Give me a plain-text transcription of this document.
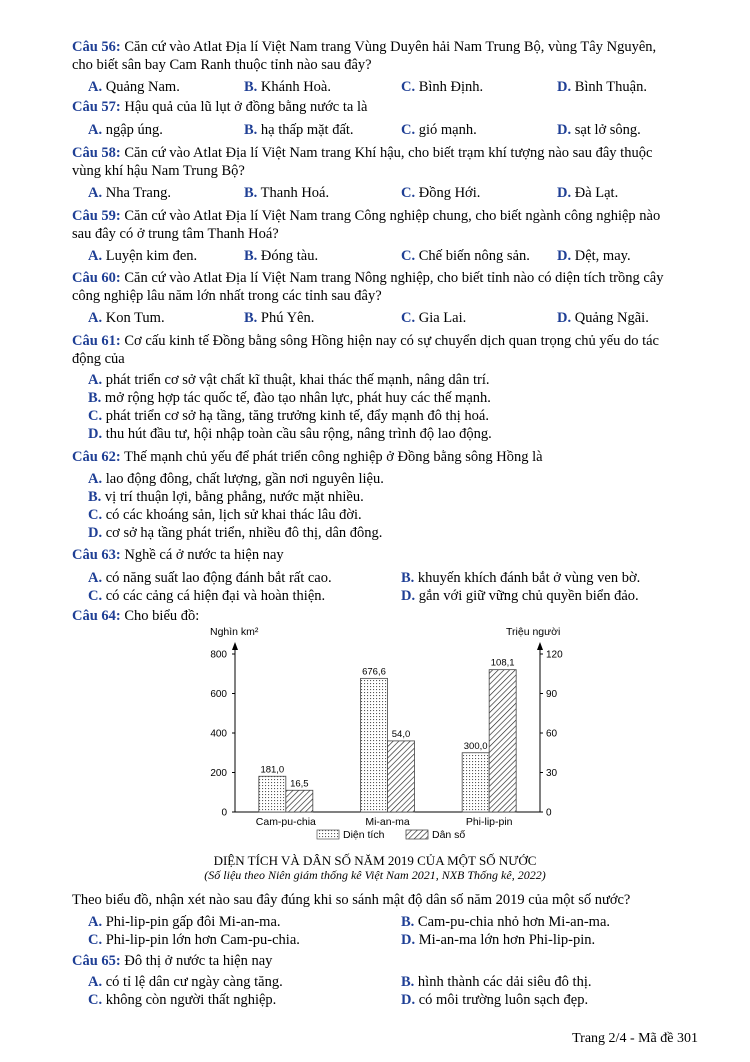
Câu 56: Căn cứ vào Atlat Địa lí Việt Nam trang Vùng Duyên hải Nam Trung Bộ, vùng Tây Nguyên,
cho biết sân bay Cam Ranh thuộc tỉnh nào sau đây?
A. Quảng Nam.	B. Khánh Hoà.	C. Bình Định.	D. Bình Thuận.
Câu 57: Hậu quả của lũ lụt ở đồng bằng nước ta là
A. ngập úng.	B. hạ thấp mặt đất.	C. gió mạnh.	D. sạt lở sông.
Câu 58: Căn cứ vào Atlat Địa lí Việt Nam trang Khí hậu, cho biết trạm khí tượng nào sau đây thuộc
vùng khí hậu Nam Trung Bộ?
A. Nha Trang.	B. Thanh Hoá.	C. Đồng Hới.	D. Đà Lạt.
Câu 59: Căn cứ vào Atlat Địa lí Việt Nam trang Công nghiệp chung, cho biết ngành công nghiệp nào
sau đây có ở trung tâm Thanh Hoá?
A. Luyện kim đen.	B. Đóng tàu.	C. Chế biến nông sản. D. Dệt, may.
Câu 60: Căn cứ vào Atlat Địa lí Việt Nam trang Nông nghiệp, cho biết tỉnh nào có diện tích trồng cây
công nghiệp lâu năm lớn nhất trong các tỉnh sau đây?
A. Kon Tum.	B. Phú Yên.	C. Gia Lai.	D. Quảng Ngãi.
Câu 61: Cơ cấu kinh tế Đồng bằng sông Hồng hiện nay có sự chuyển dịch quan trọng chủ yếu do tác
động của
A. phát triển cơ sở vật chất kĩ thuật, khai thác thế mạnh, nâng dân trí.
B. mở rộng hợp tác quốc tế, đào tạo nhân lực, phát huy các thế mạnh.
C. phát triển cơ sở hạ tầng, tăng trưởng kinh tế, đẩy mạnh đô thị hoá.
D. thu hút đầu tư, hội nhập toàn cầu sâu rộng, nâng trình độ lao động.
Câu 62: Thế mạnh chủ yếu để phát triển công nghiệp ở Đồng bằng sông Hồng là
A. lao động đông, chất lượng, gần nơi nguyên liệu.
B. vị trí thuận lợi, bằng phẳng, nước mặt nhiều.
C. có các khoáng sản, lịch sử khai thác lâu đời.
D. cơ sở hạ tầng phát triển, nhiều đô thị, dân đông.
Câu 63: Nghề cá ở nước ta hiện nay
A. có năng suất lao động đánh bắt rất cao.	B. khuyến khích đánh bắt ở vùng ven bờ.
C. có các cảng cá hiện đại và hoàn thiện.	D. gắn với giữ vững chủ quyền biển đảo.
Câu 64: Cho biểu đồ:
0
200
400
600
800
0
30
60
90
120
Cam-pu-chia	Mi-an-ma	Phi-lip-pin
181,0
16,5
676,6
54,0
300,0
108,1
Nghìn km²	Triệu người
Diện tích	Dân số
DIỆN TÍCH VÀ DÂN SỐ NĂM 2019 CỦA MỘT SỐ NƯỚC
(Số liệu theo Niên giám thống kê Việt Nam 2021, NXB Thống kê, 2022)
Theo biểu đồ, nhận xét nào sau đây đúng khi so sánh mật độ dân số năm 2019 của một số nước?
A. Phi-lip-pin gấp đôi Mi-an-ma.	B. Cam-pu-chia nhỏ hơn Mi-an-ma.
C. Phi-lip-pin lớn hơn Cam-pu-chia.	D. Mi-an-ma lớn hơn Phi-lip-pin.
Câu 65: Đô thị ở nước ta hiện nay
A. có tỉ lệ dân cư ngày càng tăng.	B. hình thành các dải siêu đô thị.
C. không còn người thất nghiệp.	D. có môi trường luôn sạch đẹp.
Trang 2/4 - Mã đề 301
